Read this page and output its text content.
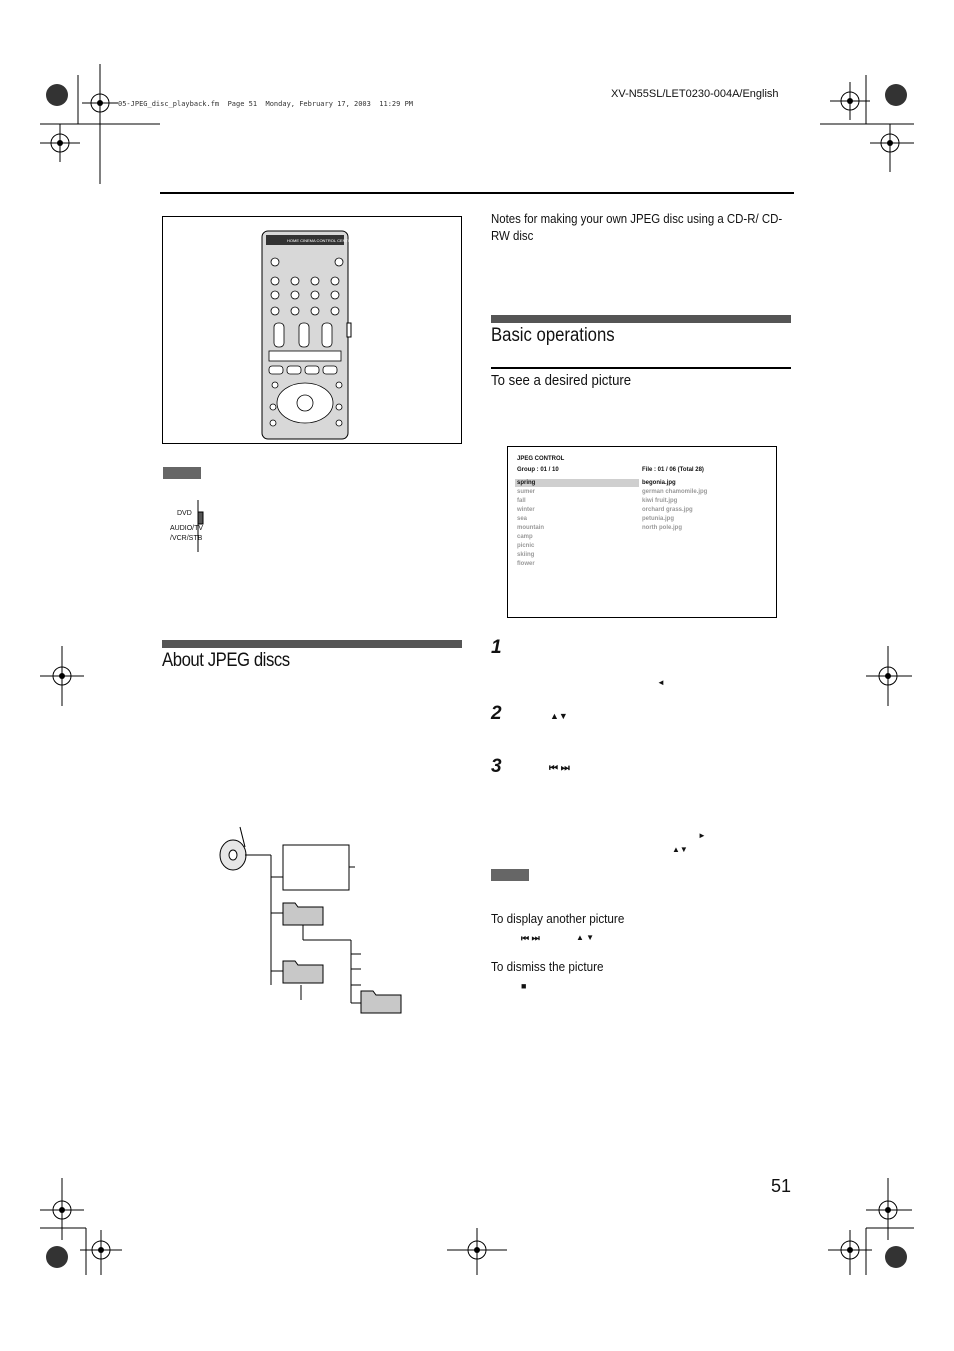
05-JPEG_disc_playback.fm  Page 51  Monday, February 17, 2003  11:29 PM
XV-N55SL/LET0230-004A/English
HOME CINEMA CONTROL CENTER
DVD
AUDIO/TV
/VCR/STB
About JPEG discs
Notes for making your own JPEG disc using a CD-R/ CD-RW disc
Basic operations
To see a desired picture
JPEG CONTROL
Group : 01 / 10	File : 01 / 06 (Total 28)
spring
sumer
fall
winter
sea
mountain
camp
picnic
skiing
flower
begonia.jpg
german chamomile.jpg
kiwi fruit.jpg
orchard grass.jpg
petunia.jpg
north pole.jpg
1
◄
2	▲▼
3	⏮ ⏭
►
▲▼
To display another picture
⏮ ⏭	▲ ▼
To dismiss the picture
■
51
